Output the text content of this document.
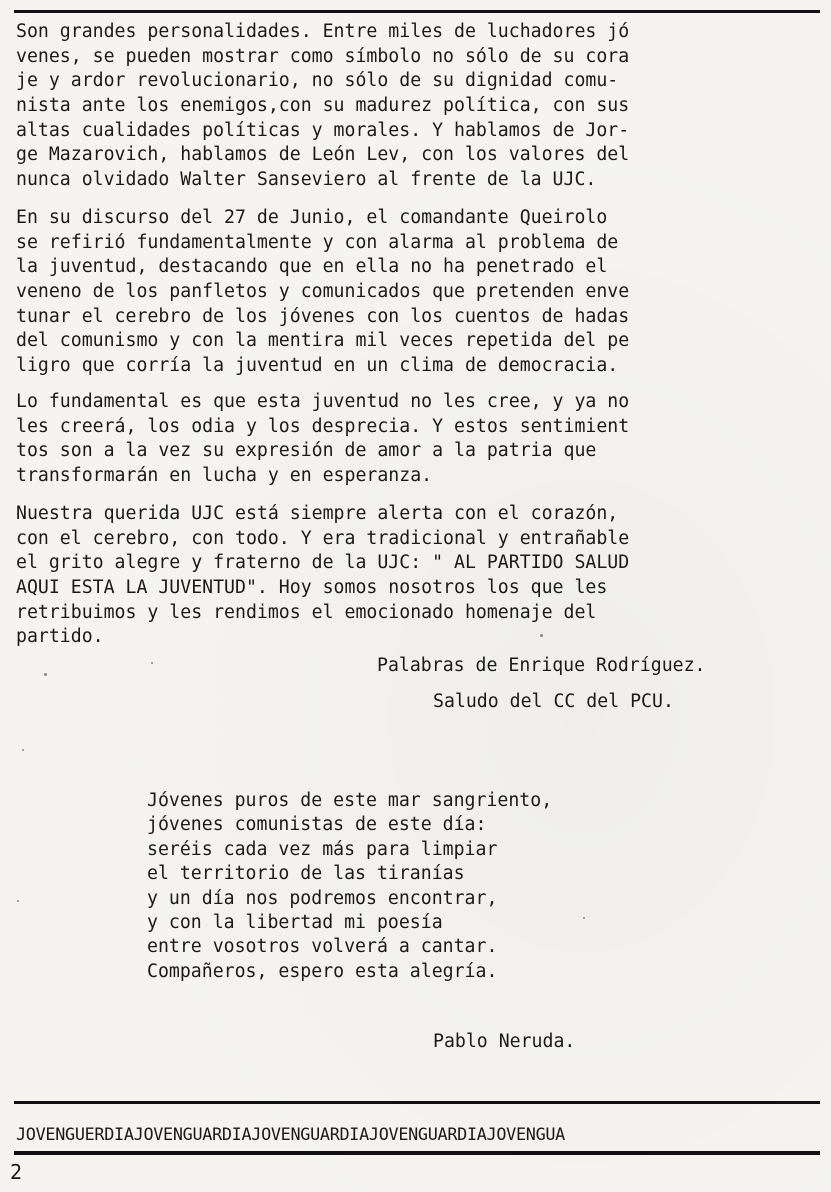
Son grandes personalidades. Entre miles de luchadores jó
venes, se pueden mostrar como símbolo no sólo de su cora
je y ardor revolucionario, no sólo de su dignidad comu-
nista ante los enemigos,con su madurez política, con sus
altas cualidades políticas y morales. Y hablamos de Jor-
ge Mazarovich, hablamos de León Lev, con los valores del
nunca olvidado Walter Sanseviero al frente de la UJC.

En su discurso del 27 de Junio, el comandante Queirolo
se refirió fundamentalmente y con alarma al problema de
la juventud, destacando que en ella no ha penetrado el
veneno de los panfletos y comunicados que pretenden enve
tunar el cerebro de los jóvenes con los cuentos de hadas
del comunismo y con la mentira mil veces repetida del pe
ligro que corría la juventud en un clima de democracia.

Lo fundamental es que esta juventud no les cree, y ya no
les creerá, los odia y los desprecia. Y estos sentimient
tos son a la vez su expresión de amor a la patria que
transformarán en lucha y en esperanza.

Nuestra querida UJC está siempre alerta con el corazón,
con el cerebro, con todo. Y era tradicional y entrañable
el grito alegre y fraterno de la UJC: " AL PARTIDO SALUD
AQUI ESTA LA JUVENTUD". Hoy somos nosotros los que les
retribuimos y les rendimos el emocionado homenaje del
partido.

Palabras de Enrique Rodríguez.
Saludo del CC del PCU.

Jóvenes puros de este mar sangriento,
jóvenes comunistas de este día:
seréis cada vez más para limpiar
el territorio de las tiranías
y un día nos podremos encontrar,
y con la libertad mi poesía
entre vosotros volverá a cantar.
Compañeros, espero esta alegría.

Pablo Neruda.
JOVENGUERDIAJOVENGUARDIAJOVENGUARDIAJOVENGUARDIAJOVENGUA
2
